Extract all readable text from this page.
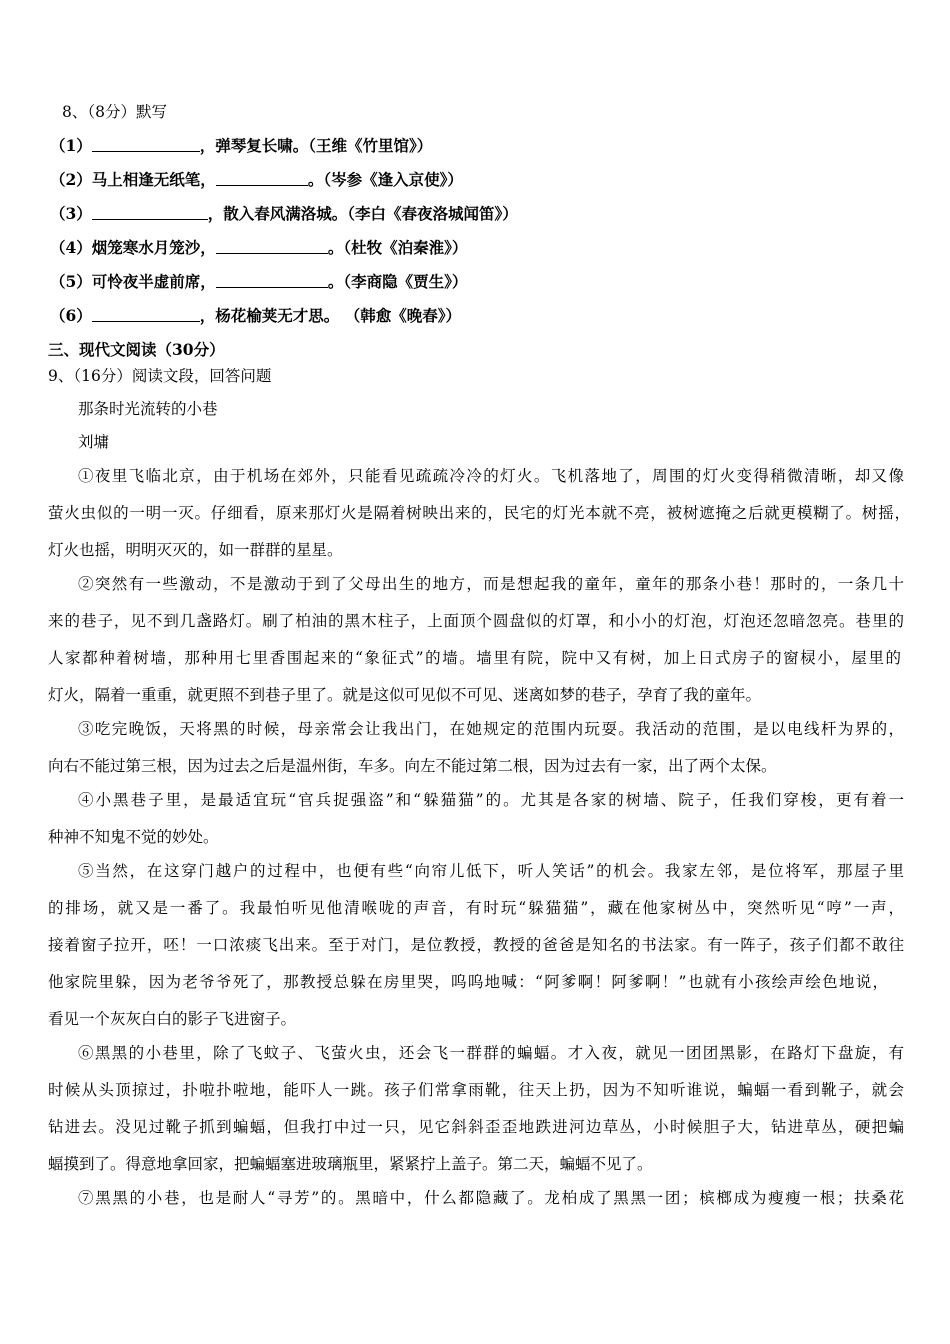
8、（8分）默写
（1）	，弹琴复长啸。（王维《竹里馆》）
（2）马上相逢无纸笔，	。（岑参《逢入京使》）
（3）	，散入春风满洛城。（李白《春夜洛城闻笛》）
（4）烟笼寒水月笼沙，	。（杜牧《泊秦淮》）
（5）可怜夜半虚前席，	。（李商隐《贾生》）
（6）	，杨花榆荚无才思。 （韩愈《晚春》）
三、现代文阅读（30分）
9、（16分）阅读文段，回答问题
那条时光流转的小巷
刘墉
①夜里飞临北京，由于机场在郊外，只能看见疏疏冷冷的灯火。飞机落地了，周围的灯火变得稍微清晰，却又像
萤火虫似的一明一灭。仔细看，原来那灯火是隔着树映出来的，民宅的灯光本就不亮，被树遮掩之后就更模糊了。树摇，
灯火也摇，明明灭灭的，如一群群的星星。
②突然有一些激动，不是激动于到了父母出生的地方，而是想起我的童年，童年的那条小巷！那时的，一条几十
来的巷子，见不到几盏路灯。刷了柏油的黑木柱子，上面顶个圆盘似的灯罩，和小小的灯泡，灯泡还忽暗忽亮。巷里的
人家都种着树墙，那种用七里香围起来的“象征式”的墙。墙里有院，院中又有树，加上日式房子的窗棂小，屋里的
灯火，隔着一重重，就更照不到巷子里了。就是这似可见似不可见、迷离如梦的巷子，孕育了我的童年。
③吃完晚饭，天将黑的时候，母亲常会让我出门，在她规定的范围内玩耍。我活动的范围，是以电线杆为界的，
向右不能过第三根，因为过去之后是温州街，车多。向左不能过第二根，因为过去有一家，出了两个太保。
④小黑巷子里，是最适宜玩“官兵捉强盗”和“躲猫猫”的。尤其是各家的树墙、院子，任我们穿梭，更有着一
种神不知鬼不觉的妙处。
⑤当然，在这穿门越户的过程中，也便有些“向帘儿低下，听人笑话”的机会。我家左邻，是位将军，那屋子里
的排场，就又是一番了。我最怕听见他清喉咙的声音，有时玩“躲猫猫”，藏在他家树丛中，突然听见“哼”一声，
接着窗子拉开，呸！一口浓痰飞出来。至于对门，是位教授，教授的爸爸是知名的书法家。有一阵子，孩子们都不敢往
他家院里躲，因为老爷爷死了，那教授总躲在房里哭，呜呜地喊：“阿爹啊！阿爹啊！”也就有小孩绘声绘色地说，
看见一个灰灰白白的影子飞进窗子。
⑥黑黑的小巷里，除了飞蚊子、飞萤火虫，还会飞一群群的蝙蝠。才入夜，就见一团团黑影，在路灯下盘旋，有
时候从头顶掠过，扑啦扑啦地，能吓人一跳。孩子们常拿雨靴，往天上扔，因为不知听谁说，蝙蝠一看到靴子，就会
钻进去。没见过靴子抓到蝙蝠，但我打中过一只，见它斜斜歪歪地跌进河边草丛，小时候胆子大，钻进草丛，硬把蝙
蝠摸到了。得意地拿回家，把蝙蝠塞进玻璃瓶里，紧紧拧上盖子。第二天，蝙蝠不见了。
⑦黑黑的小巷，也是耐人“寻芳”的。黑暗中，什么都隐藏了。龙柏成了黑黑一团；槟榔成为瘦瘦一根；扶桑花
